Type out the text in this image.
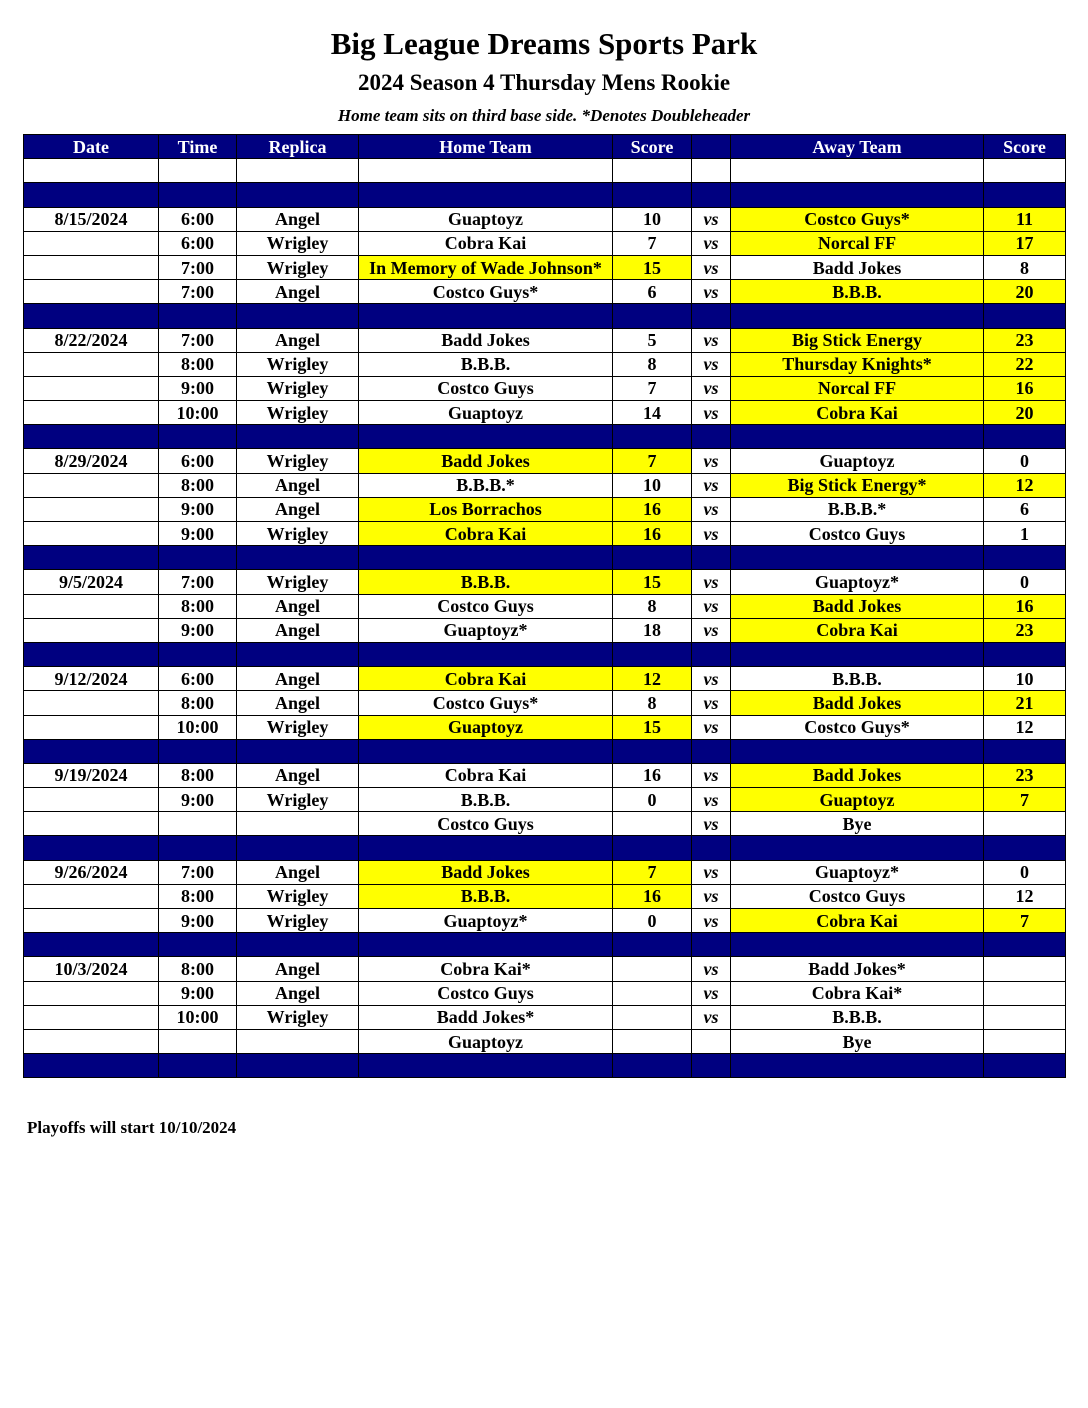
Big League Dreams Sports Park
2024 Season 4 Thursday Mens Rookie
Home team sits on third base side. *Denotes Doubleheader
Date	Time	Replica	Home Team	Score		Away Team	Score

8/15/2024	6:00	Angel	Guaptoyz	10	vs	Costco Guys*	11
	6:00	Wrigley	Cobra Kai	7	vs	Norcal FF	17
	7:00	Wrigley	In Memory of Wade Johnson*	15	vs	Badd Jokes	8
	7:00	Angel	Costco Guys*	6	vs	B.B.B.	20

8/22/2024	7:00	Angel	Badd Jokes	5	vs	Big Stick Energy	23
	8:00	Wrigley	B.B.B.	8	vs	Thursday Knights*	22
	9:00	Wrigley	Costco Guys	7	vs	Norcal FF	16
	10:00	Wrigley	Guaptoyz	14	vs	Cobra Kai	20

8/29/2024	6:00	Wrigley	Badd Jokes	7	vs	Guaptoyz	0
	8:00	Angel	B.B.B.*	10	vs	Big Stick Energy*	12
	9:00	Angel	Los Borrachos	16	vs	B.B.B.*	6
	9:00	Wrigley	Cobra Kai	16	vs	Costco Guys	1

9/5/2024	7:00	Wrigley	B.B.B.	15	vs	Guaptoyz*	0
	8:00	Angel	Costco Guys	8	vs	Badd Jokes	16
	9:00	Angel	Guaptoyz*	18	vs	Cobra Kai	23

9/12/2024	6:00	Angel	Cobra Kai	12	vs	B.B.B.	10
	8:00	Angel	Costco Guys*	8	vs	Badd Jokes	21
	10:00	Wrigley	Guaptoyz	15	vs	Costco Guys*	12

9/19/2024	8:00	Angel	Cobra Kai	16	vs	Badd Jokes	23
	9:00	Wrigley	B.B.B.	0	vs	Guaptoyz	7
			Costco Guys		vs	Bye	

9/26/2024	7:00	Angel	Badd Jokes	7	vs	Guaptoyz*	0
	8:00	Wrigley	B.B.B.	16	vs	Costco Guys	12
	9:00	Wrigley	Guaptoyz*	0	vs	Cobra Kai	7

10/3/2024	8:00	Angel	Cobra Kai*		vs	Badd Jokes*	
	9:00	Angel	Costco Guys		vs	Cobra Kai*	
	10:00	Wrigley	Badd Jokes*		vs	B.B.B.	
			Guaptoyz			Bye	

Playoffs will start 10/10/2024
